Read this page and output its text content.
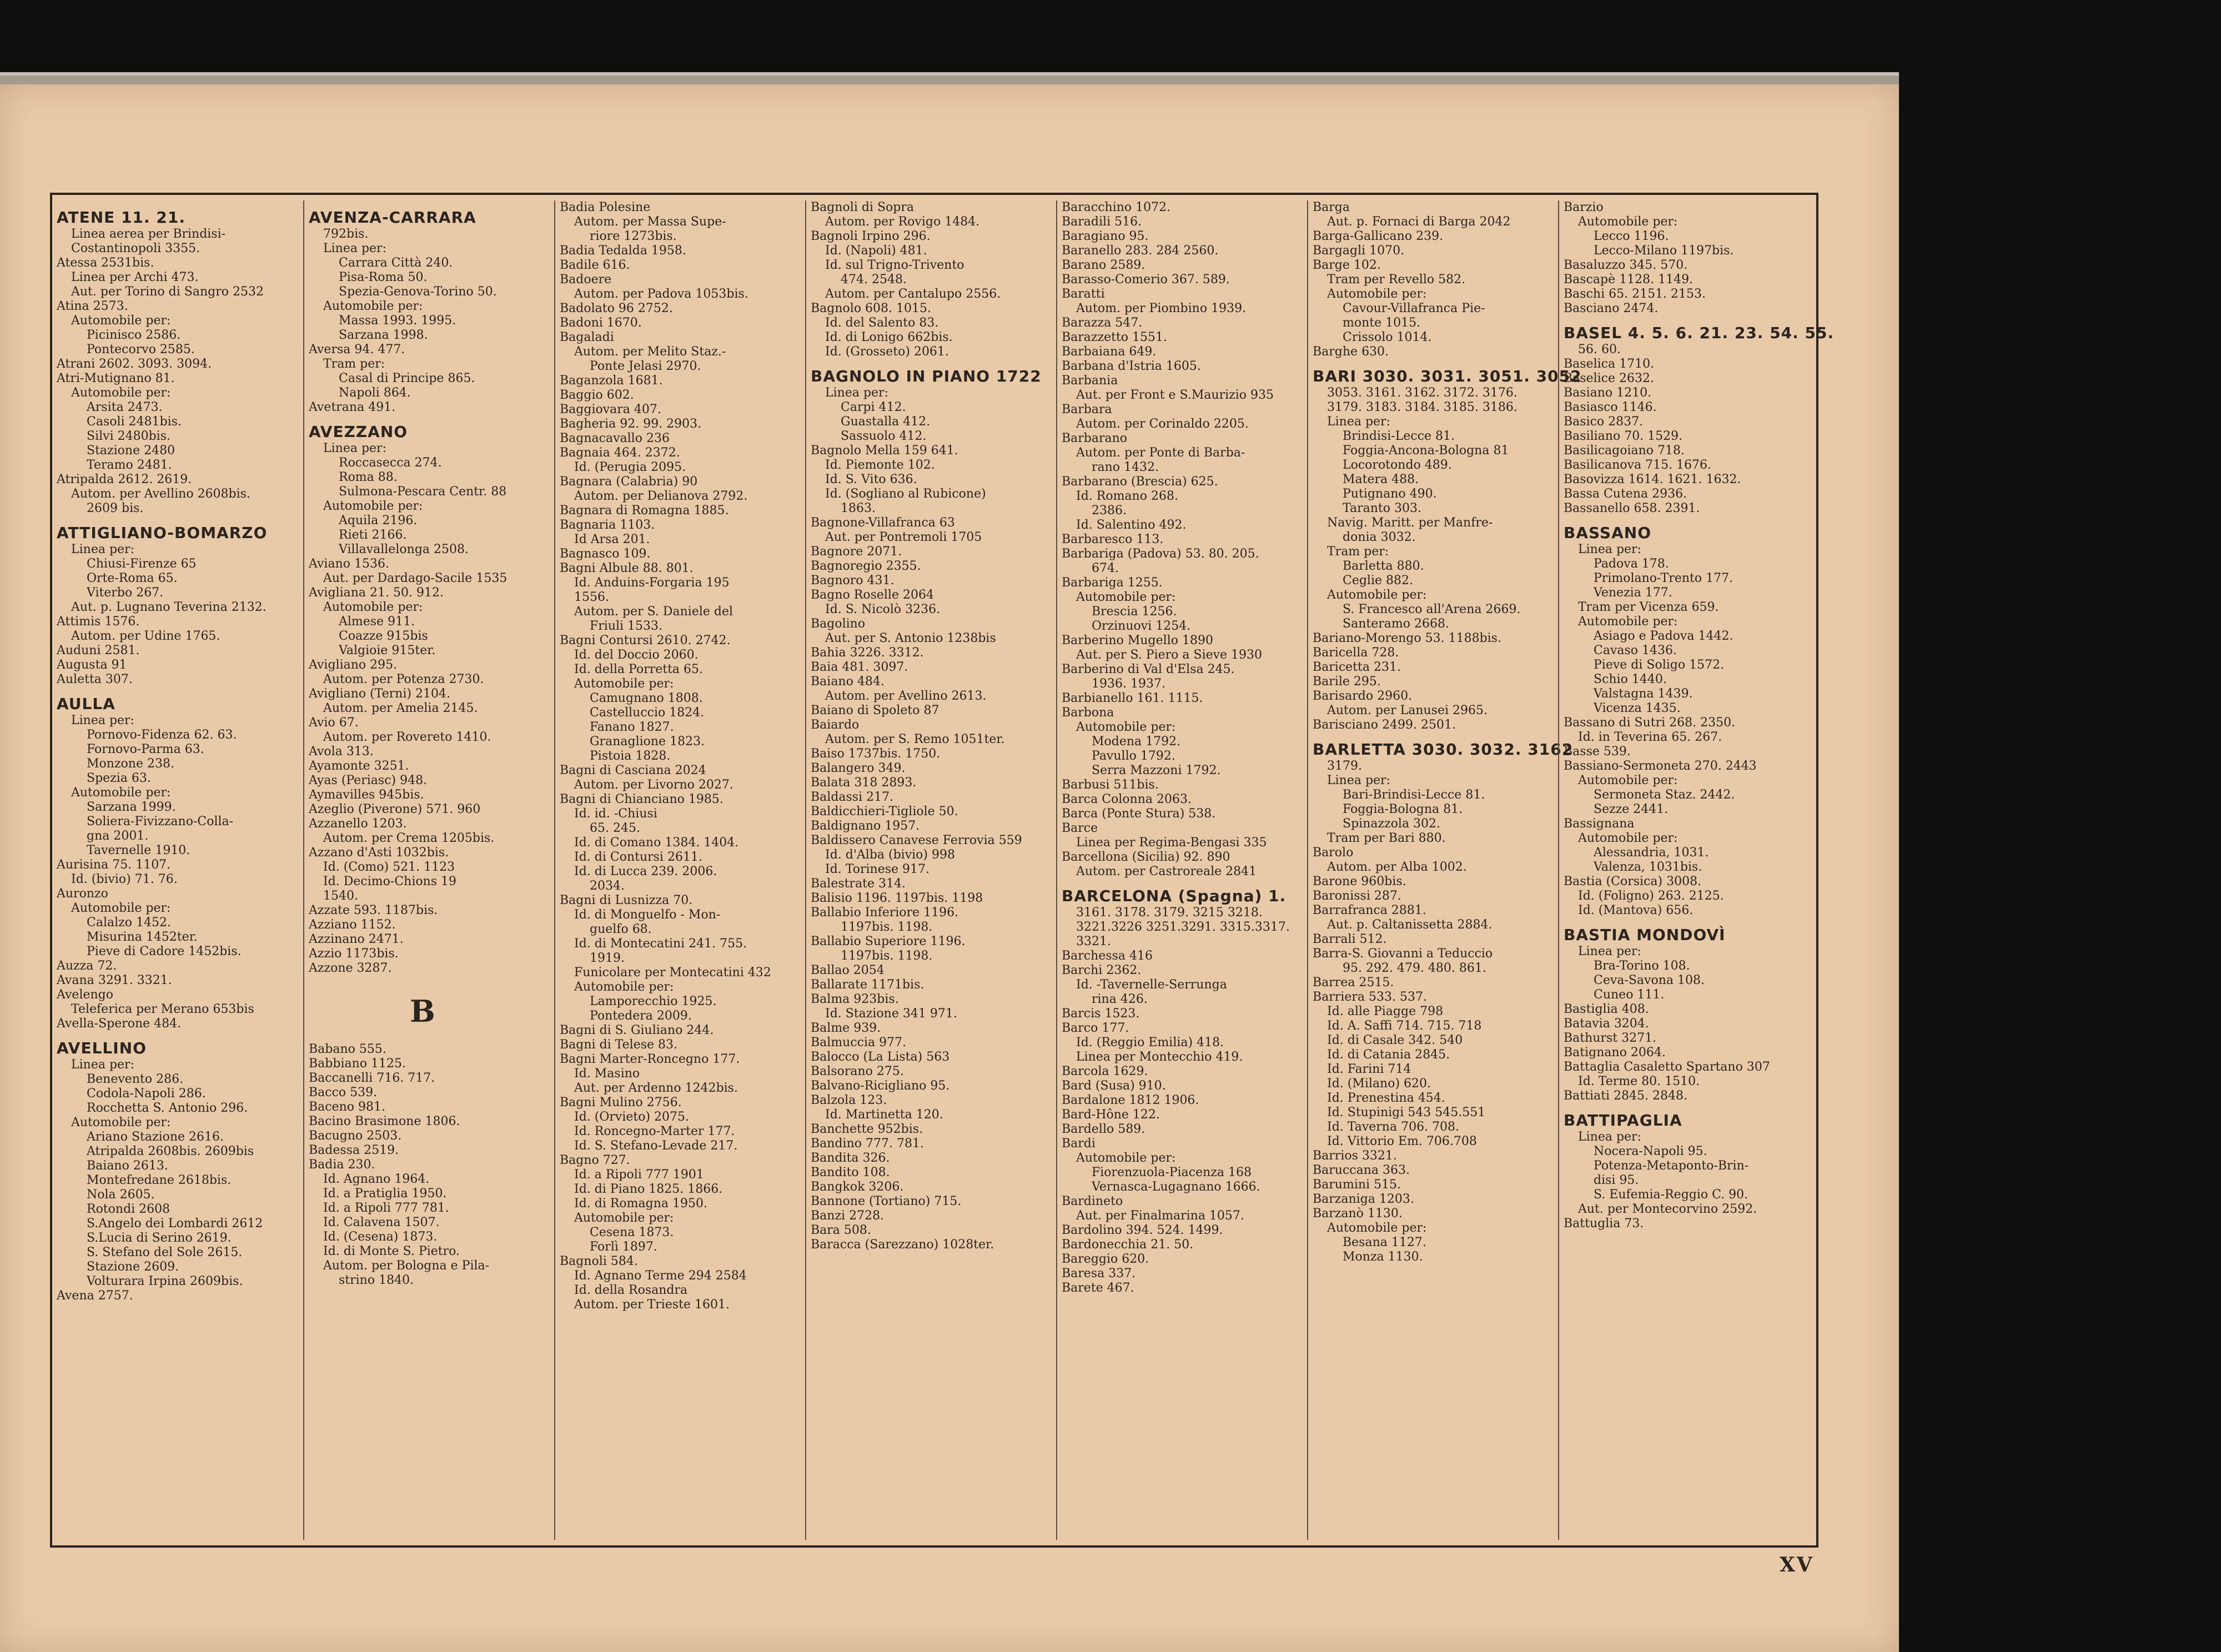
ATENE 11. 21.
Linea aerea per Brindisi-
Costantinopoli 3355.
Atessa 2531bis.
Linea per Archi 473.
Aut. per Torino di Sangro 2532
Atina 2573.
Automobile per:
Picinisco 2586.
Pontecorvo 2585.
Atrani 2602. 3093. 3094.
Atri-Mutignano 81.
Automobile per:
Arsita 2473.
Casoli 2481bis.
Silvi 2480bis.
Stazione 2480
Teramo 2481.
Atripalda 2612. 2619.
Autom. per Avellino 2608bis.
2609 bis.
ATTIGLIANO-BOMARZO
Linea per:
Chiusi-Firenze 65
Orte-Roma 65.
Viterbo 267.
Aut. p. Lugnano Teverina 2132.
Attimis 1576.
Autom. per Udine 1765.
Auduni 2581.
Augusta 91
Auletta 307.
AULLA
Linea per:
Pornovo-Fidenza 62. 63.
Fornovo-Parma 63.
Monzone 238.
Spezia 63.
Automobile per:
Sarzana 1999.
Soliera-Fivizzano-Colla-
gna 2001.
Tavernelle 1910.
Aurisina 75. 1107.
Id. (bivio) 71. 76.
Auronzo
Automobile per:
Calalzo 1452.
Misurina 1452ter.
Pieve di Cadore 1452bis.
Auzza 72.
Avana 3291. 3321.
Avelengo
Teleferica per Merano 653bis
Avella-Sperone 484.
AVELLINO
Linea per:
Benevento 286.
Codola-Napoli 286.
Rocchetta S. Antonio 296.
Automobile per:
Ariano Stazione 2616.
Atripalda 2608bis. 2609bis
Baiano 2613.
Montefredane 2618bis.
Nola 2605.
Rotondi 2608
S.Angelo dei Lombardi 2612
S.Lucia di Serino 2619.
S. Stefano del Sole 2615.
Stazione 2609.
Volturara Irpina 2609bis.
Avena 2757.
AVENZA-CARRARA
792bis.
Linea per:
Carrara Città 240.
Pisa-Roma 50.
Spezia-Genova-Torino 50.
Automobile per:
Massa 1993. 1995.
Sarzana 1998.
Aversa 94. 477.
Tram per:
Casal di Principe 865.
Napoli 864.
Avetrana 491.
AVEZZANO
Linea per:
Roccasecca 274.
Roma 88.
Sulmona-Pescara Centr. 88
Automobile per:
Aquila 2196.
Rieti 2166.
Villavallelonga 2508.
Aviano 1536.
Aut. per Dardago-Sacile 1535
Avigliana 21. 50. 912.
Automobile per:
Almese 911.
Coazze 915bis
Valgioie 915ter.
Avigliano 295.
Autom. per Potenza 2730.
Avigliano (Terni) 2104.
Autom. per Amelia 2145.
Avio 67.
Autom. per Rovereto 1410.
Avola 313.
Ayamonte 3251.
Ayas (Periasc) 948.
Aymavilles 945bis.
Azeglio (Piverone) 571. 960
Azzanello 1203.
Autom. per Crema 1205bis.
Azzano d'Asti 1032bis.
Id. (Como) 521. 1123
Id. Decimo-Chions 19
1540.
Azzate 593. 1187bis.
Azziano 1152.
Azzinano 2471.
Azzio 1173bis.
Azzone 3287.
B
Babano 555.
Babbiano 1125.
Baccanelli 716. 717.
Bacco 539.
Baceno 981.
Bacino Brasimone 1806.
Bacugno 2503.
Badessa 2519.
Badia 230.
Id. Agnano 1964.
Id. a Pratiglia 1950.
Id. a Ripoli 777 781.
Id. Calavena 1507.
Id. (Cesena) 1873.
Id. di Monte S. Pietro.
Autom. per Bologna e Pila-
strino 1840.
Badia Polesine
Autom. per Massa Supe-
riore 1273bis.
Badia Tedalda 1958.
Badile 616.
Badoere
Autom. per Padova 1053bis.
Badolato 96 2752.
Badoni 1670.
Bagaladi
Autom. per Melito Staz.-
Ponte Jelasi 2970.
Baganzola 1681.
Baggio 602.
Baggiovara 407.
Bagheria 92. 99. 2903.
Bagnacavallo 236
Bagnaia 464. 2372.
Id. (Perugia 2095.
Bagnara (Calabria) 90
Autom. per Delianova 2792.
Bagnara di Romagna 1885.
Bagnaria 1103.
Id Arsa 201.
Bagnasco 109.
Bagni Albule 88. 801.
Id. Anduins-Forgaria 195
1556.
Autom. per S. Daniele del
Friuli 1533.
Bagni Contursi 2610. 2742.
Id. del Doccio 2060.
Id. della Porretta 65.
Automobile per:
Camugnano 1808.
Castelluccio 1824.
Fanano 1827.
Granaglione 1823.
Pistoia 1828.
Bagni di Casciana 2024
Autom. per Livorno 2027.
Bagni di Chianciano 1985.
Id. id. -Chiusi
65. 245.
Id. di Comano 1384. 1404.
Id. di Contursi 2611.
Id. di Lucca 239. 2006.
2034.
Bagni di Lusnizza 70.
Id. di Monguelfo - Mon-
guelfo 68.
Id. di Montecatini 241. 755.
1919.
Funicolare per Montecatini 432
Automobile per:
Lamporecchio 1925.
Pontedera 2009.
Bagni di S. Giuliano 244.
Bagni di Telese 83.
Bagni Marter-Roncegno 177.
Id. Masino
Aut. per Ardenno 1242bis.
Bagni Mulino 2756.
Id. (Orvieto) 2075.
Id. Roncegno-Marter 177.
Id. S. Stefano-Levade 217.
Bagno 727.
Id. a Ripoli 777 1901
Id. di Piano 1825. 1866.
Id. di Romagna 1950.
Automobile per:
Cesena 1873.
Forlì 1897.
Bagnoli 584.
Id. Agnano Terme 294 2584
Id. della Rosandra
Autom. per Trieste 1601.
Bagnoli di Sopra
Autom. per Rovigo 1484.
Bagnoli Irpino 296.
Id. (Napoli) 481.
Id. sul Trigno-Trivento
474. 2548.
Autom. per Cantalupo 2556.
Bagnolo 608. 1015.
Id. del Salento 83.
Id. di Lonigo 662bis.
Id. (Grosseto) 2061.
BAGNOLO IN PIANO 1722
Linea per:
Carpi 412.
Guastalla 412.
Sassuolo 412.
Bagnolo Mella 159 641.
Id. Piemonte 102.
Id. S. Vito 636.
Id. (Sogliano al Rubicone)
1863.
Bagnone-Villafranca 63
Aut. per Pontremoli 1705
Bagnore 2071.
Bagnoregio 2355.
Bagnoro 431.
Bagno Roselle 2064
Id. S. Nicolò 3236.
Bagolino
Aut. per S. Antonio 1238bis
Bahia 3226. 3312.
Baia 481. 3097.
Baiano 484.
Autom. per Avellino 2613.
Baiano di Spoleto 87
Baiardo
Autom. per S. Remo 1051ter.
Baiso 1737bis. 1750.
Balangero 349.
Balata 318 2893.
Baldassi 217.
Baldicchieri-Tigliole 50.
Baldignano 1957.
Baldissero Canavese Ferrovia 559
Id. d'Alba (bivio) 998
Id. Torinese 917.
Balestrate 314.
Balisio 1196. 1197bis. 1198
Ballabio Inferiore 1196.
1197bis. 1198.
Ballabio Superiore 1196.
1197bis. 1198.
Ballao 2054
Ballarate 1171bis.
Balma 923bis.
Id. Stazione 341 971.
Balme 939.
Balmuccia 977.
Balocco (La Lista) 563
Balsorano 275.
Balvano-Ricigliano 95.
Balzola 123.
Id. Martinetta 120.
Banchette 952bis.
Bandino 777. 781.
Bandita 326.
Bandito 108.
Bangkok 3206.
Bannone (Tortiano) 715.
Banzi 2728.
Bara 508.
Baracca (Sarezzano) 1028ter.
Baracchino 1072.
Baradili 516.
Baragiano 95.
Baranello 283. 284 2560.
Barano 2589.
Barasso-Comerio 367. 589.
Baratti
Autom. per Piombino 1939.
Barazza 547.
Barazzetto 1551.
Barbaiana 649.
Barbana d'Istria 1605.
Barbania
Aut. per Front e S.Maurizio 935
Barbara
Autom. per Corinaldo 2205.
Barbarano
Autom. per Ponte di Barba-
rano 1432.
Barbarano (Brescia) 625.
Id. Romano 268.
2386.
Id. Salentino 492.
Barbaresco 113.
Barbariga (Padova) 53. 80. 205.
674.
Barbariga 1255.
Automobile per:
Brescia 1256.
Orzinuovi 1254.
Barberino Mugello 1890
Aut. per S. Piero a Sieve 1930
Barberino di Val d'Elsa 245.
1936. 1937.
Barbianello 161. 1115.
Barbona
Automobile per:
Modena 1792.
Pavullo 1792.
Serra Mazzoni 1792.
Barbusi 511bis.
Barca Colonna 2063.
Barca (Ponte Stura) 538.
Barce
Linea per Regima-Bengasi 335
Barcellona (Sicilia) 92. 890
Autom. per Castroreale 2841
BARCELONA (Spagna) 1.
3161. 3178. 3179. 3215 3218.
3221.3226 3251.3291. 3315.3317.
3321.
Barchessa 416
Barchi 2362.
Id. -Tavernelle-Serrunga
rina 426.
Barcis 1523.
Barco 177.
Id. (Reggio Emilia) 418.
Linea per Montecchio 419.
Barcola 1629.
Bard (Susa) 910.
Bardalone 1812 1906.
Bard-Hône 122.
Bardello 589.
Bardi
Automobile per:
Fiorenzuola-Piacenza 168
Vernasca-Lugagnano 1666.
Bardineto
Aut. per Finalmarina 1057.
Bardolino 394. 524. 1499.
Bardonecchia 21. 50.
Bareggio 620.
Baresa 337.
Barete 467.
Barga
Aut. p. Fornaci di Barga 2042
Barga-Gallicano 239.
Bargagli 1070.
Barge 102.
Tram per Revello 582.
Automobile per:
Cavour-Villafranca Pie-
monte 1015.
Crissolo 1014.
Barghe 630.
BARI 3030. 3031. 3051. 3052
3053. 3161. 3162. 3172. 3176.
3179. 3183. 3184. 3185. 3186.
Linea per:
Brindisi-Lecce 81.
Foggia-Ancona-Bologna 81
Locorotondo 489.
Matera 488.
Putignano 490.
Taranto 303.
Navig. Maritt. per Manfre-
donia 3032.
Tram per:
Barletta 880.
Ceglie 882.
Automobile per:
S. Francesco all'Arena 2669.
Santeramo 2668.
Bariano-Morengo 53. 1188bis.
Baricella 728.
Baricetta 231.
Barile 295.
Barisardo 2960.
Autom. per Lanusei 2965.
Barisciano 2499. 2501.
BARLETTA 3030. 3032. 3162
3179.
Linea per:
Bari-Brindisi-Lecce 81.
Foggia-Bologna 81.
Spinazzola 302.
Tram per Bari 880.
Barolo
Autom. per Alba 1002.
Barone 960bis.
Baronissi 287.
Barrafranca 2881.
Aut. p. Caltanissetta 2884.
Barrali 512.
Barra-S. Giovanni a Teduccio
95. 292. 479. 480. 861.
Barrea 2515.
Barriera 533. 537.
Id. alle Piagge 798
Id. A. Saffi 714. 715. 718
Id. di Casale 342. 540
Id. di Catania 2845.
Id. Farini 714
Id. (Milano) 620.
Id. Prenestina 454.
Id. Stupinigi 543 545.551
Id. Taverna 706. 708.
Id. Vittorio Em. 706.708
Barrios 3321.
Baruccana 363.
Barumini 515.
Barzaniga 1203.
Barzanò 1130.
Automobile per:
Besana 1127.
Monza 1130.
Barzio
Automobile per:
Lecco 1196.
Lecco-Milano 1197bis.
Basaluzzo 345. 570.
Bascapè 1128. 1149.
Baschi 65. 2151. 2153.
Basciano 2474.
BASEL 4. 5. 6. 21. 23. 54. 55.
56. 60.
Baselica 1710.
Baselice 2632.
Basiano 1210.
Basiasco 1146.
Basico 2837.
Basiliano 70. 1529.
Basilicagoiano 718.
Basilicanova 715. 1676.
Basovizza 1614. 1621. 1632.
Bassa Cutena 2936.
Bassanello 658. 2391.
BASSANO
Linea per:
Padova 178.
Primolano-Trento 177.
Venezia 177.
Tram per Vicenza 659.
Automobile per:
Asiago e Padova 1442.
Cavaso 1436.
Pieve di Soligo 1572.
Schio 1440.
Valstagna 1439.
Vicenza 1435.
Bassano di Sutri 268. 2350.
Id. in Teverina 65. 267.
Basse 539.
Bassiano-Sermoneta 270. 2443
Automobile per:
Sermoneta Staz. 2442.
Sezze 2441.
Bassignana
Automobile per:
Alessandria, 1031.
Valenza, 1031bis.
Bastia (Corsica) 3008.
Id. (Foligno) 263. 2125.
Id. (Mantova) 656.
BASTIA MONDOVÌ
Linea per:
Bra-Torino 108.
Ceva-Savona 108.
Cuneo 111.
Bastiglia 408.
Batavia 3204.
Bathurst 3271.
Batignano 2064.
Battaglia Casaletto Spartano 307
Id. Terme 80. 1510.
Battiati 2845. 2848.
BATTIPAGLIA
Linea per:
Nocera-Napoli 95.
Potenza-Metaponto-Brin-
disi 95.
S. Eufemia-Reggio C. 90.
Aut. per Montecorvino 2592.
Battuglia 73.
XV
